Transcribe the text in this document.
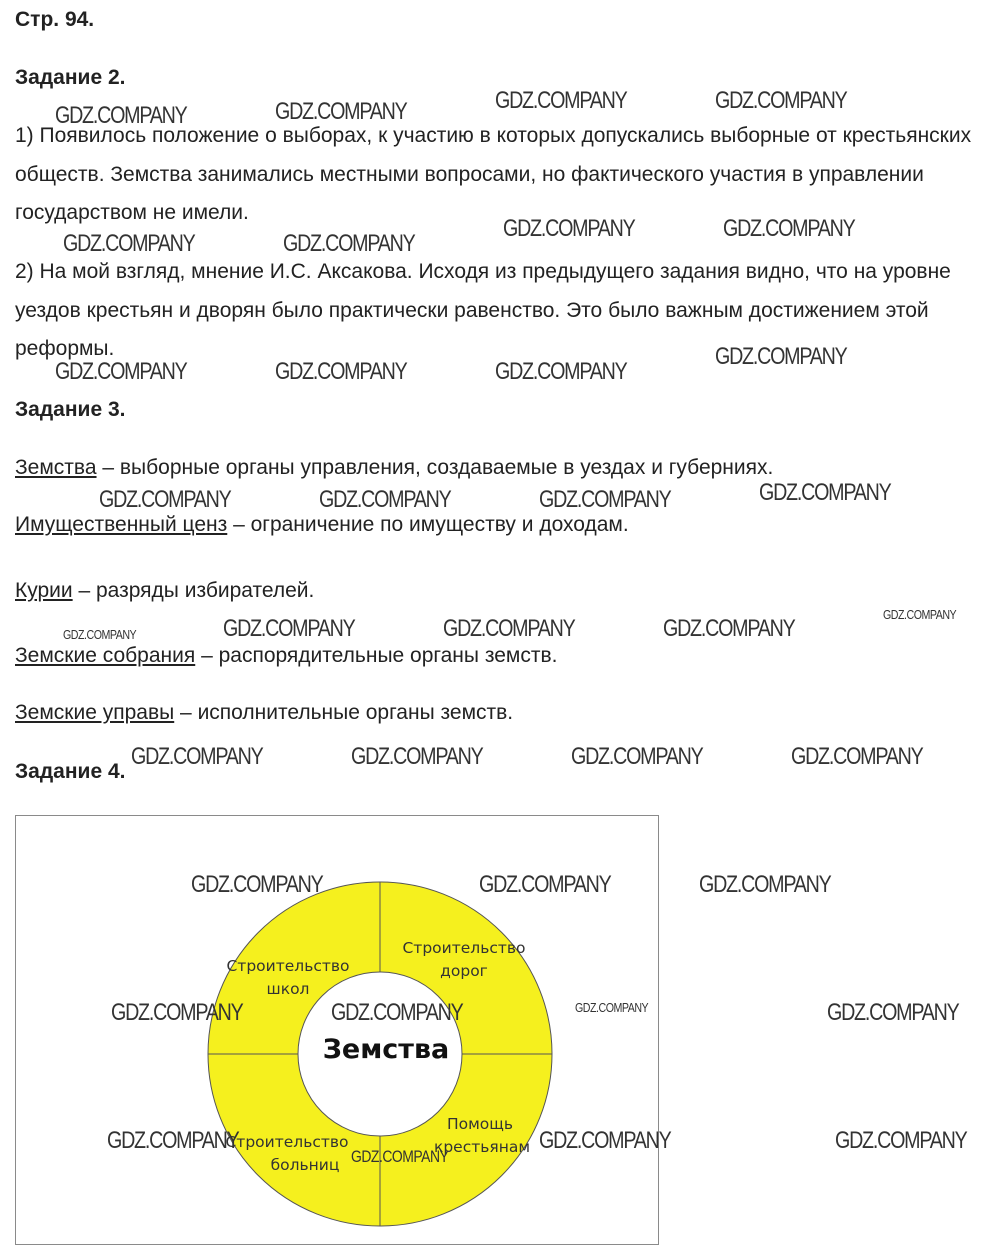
Стр. 94.
Задание 2.
1) Появилось положение о выборах, к участию в которых допускались выборные от крестьянских обществ. Земства занимались местными вопросами, но фактического участия в управлении государством не имели.
2) На мой взгляд, мнение И.С. Аксакова. Исходя из предыдущего задания видно, что на уровне уездов крестьян и дворян было практически равенство. Это было важным достижением этой реформы.
Задание 3.
Земства – выборные органы управления, создаваемые в уездах и губерниях.
Имущественный ценз – ограничение по имуществу и доходам.
Курии – разряды избирателей.
Земские собрания – распорядительные органы земств.
Земские управы – исполнительные органы земств.
Задание 4.
Земства
Строительство
школ
Строительство
дорог
Строительство
больниц
Помощь
крестьянам
GDZ.COMPANY	GDZ.COMPANY	GDZ.COMPANY	GDZ.COMPANY
GDZ.COMPANY	GDZ.COMPANY
GDZ.COMPANY	GDZ.COMPANY
GDZ.COMPANY	GDZ.COMPANY	GDZ.COMPANY
GDZ.COMPANY
GDZ.COMPANY	GDZ.COMPANY	GDZ.COMPANY	GDZ.COMPANY
GDZ.COMPANY	GDZ.COMPANY	GDZ.COMPANY	GDZ.COMPANY
GDZ.COMPANY
GDZ.COMPANY	GDZ.COMPANY	GDZ.COMPANY	GDZ.COMPANY
GDZ.COMPANY	GDZ.COMPANY	GDZ.COMPANY
GDZ.COMPANY	GDZ.COMPANY	GDZ.COMPANY	GDZ.COMPANY
GDZ.COMPANY
GDZ.COMPANY
GDZ.COMPANY	GDZ.COMPANY
